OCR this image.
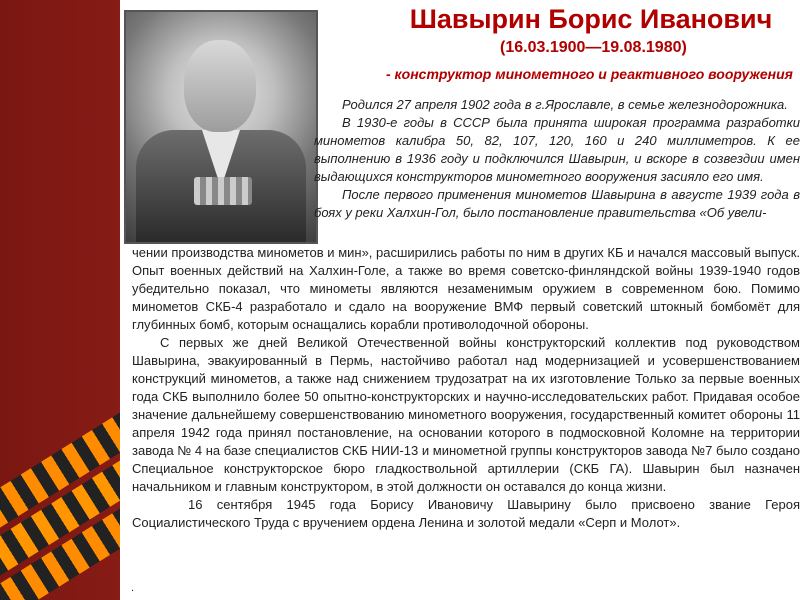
Шавырин Борис Иванович
(16.03.1900—19.08.1980)
- конструктор минометного и реактивного вооружения

Родился 27 апреля 1902 года в г.Ярославле, в семье железнодорожника.

В 1930-е годы в СССР была принята широкая программа разработки минометов калибра 50, 82, 107, 120, 160 и 240 миллиметров. К ее выполнению в 1936 году и подключился Шавырин, и вскоре в созвездии имен выдающихся конструкторов минометного вооружения засияло его имя.

После первого применения минометов Шавырина в августе 1939 года в боях у реки Халхин-Гол, было постановление правительства «Об увели-

чении производства минометов и мин», расширились работы по ним в других КБ и начался массовый выпуск. Опыт военных действий на Халхин-Голе, а также во время советско-финляндской войны 1939-1940 годов убедительно показал, что минометы являются незаменимым оружием в современном бою. Помимо минометов СКБ-4 разработало и сдало на вооружение ВМФ первый советский штокный бомбомёт для глубинных бомб, которым оснащались корабли противолодочной обороны.

С первых же дней Великой Отечественной войны конструкторский коллектив под руководством Шавырина, эвакуированный в Пермь, настойчиво работал над модернизацией и усовершенствованием конструкций минометов, а также над снижением трудозатрат на их изготовление Только за первые военных года СКБ выполнило более 50 опытно-конструкторских и научно-исследовательских работ. Придавая особое значение дальнейшему совершенствованию минометного вооружения, государственный комитет обороны 11 апреля 1942 года принял постановление, на основании которого в подмосковной Коломне на территории завода № 4 на базе специалистов СКБ НИИ-13 и минометной группы конструкторов завода №7 было создано Специальное конструкторское бюро гладкоствольной артиллерии (СКБ ГА). Шавырин был назначен начальником и главным конструктором, в этой должности он оставался до конца жизни.

16 сентября 1945 года Борису Ивановичу Шавырину было присвоено звание Героя Социалистического Труда с вручением ордена Ленина и золотой медали «Серп и Молот».

.
